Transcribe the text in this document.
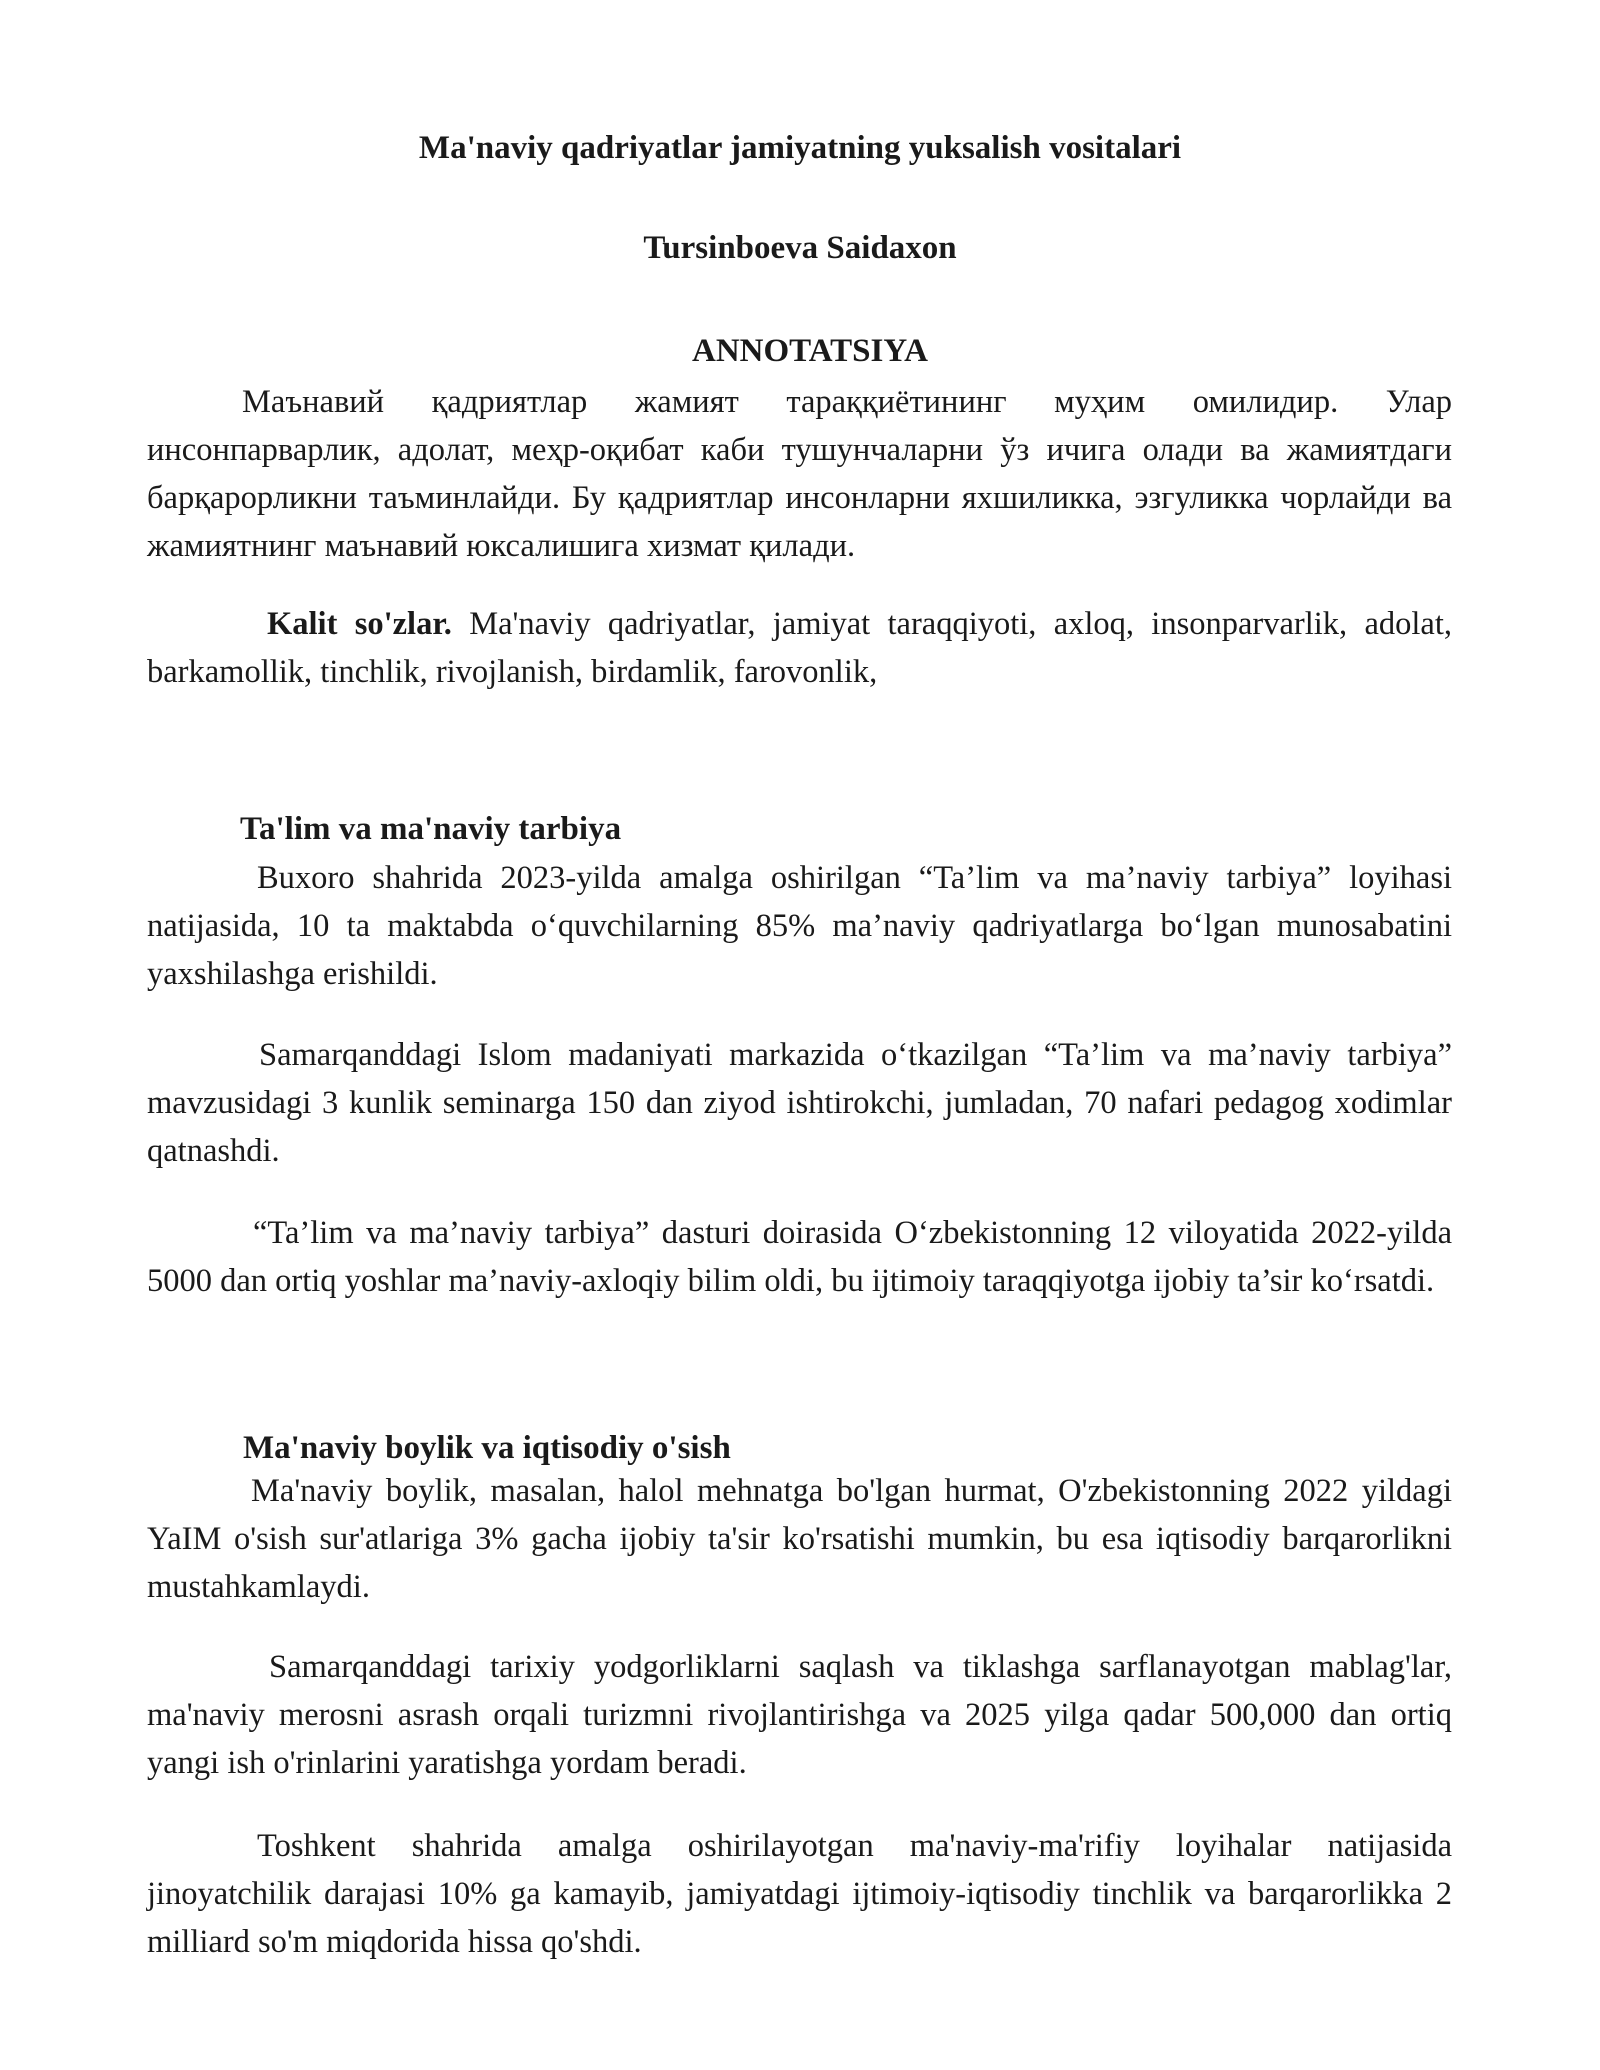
Ma'naviy qadriyatlar jamiyatning yuksalish vositalari
Tursinboeva Saidaxon
ANNOTATSIYA

Маънавий қадриятлар жамият тараққиётининг муҳим омилидир. Улар инсонпарварлик, адолат, меҳр-оқибат каби тушунчаларни ўз ичига олади ва жамиятдаги барқарорликни таъминлайди. Бу қадриятлар инсонларни яхшиликка, эзгуликка чорлайди ва жамиятнинг маънавий юксалишига хизмат қилади.

Kalit so'zlar. Ma'naviy qadriyatlar, jamiyat taraqqiyoti, axloq, insonparvarlik, adolat, barkamollik, tinchlik, rivojlanish, birdamlik, farovonlik,

Ta'lim va ma'naviy tarbiya

Buxoro shahrida 2023-yilda amalga oshirilgan “Ta’lim va ma’naviy tarbiya” loyihasi natijasida, 10 ta maktabda o‘quvchilarning 85% ma’naviy qadriyatlarga bo‘lgan munosabatini yaxshilashga erishildi.

Samarqanddagi Islom madaniyati markazida o‘tkazilgan “Ta’lim va ma’naviy tarbiya” mavzusidagi 3 kunlik seminarga 150 dan ziyod ishtirokchi, jumladan, 70 nafari pedagog xodimlar qatnashdi.

“Ta’lim va ma’naviy tarbiya” dasturi doirasida O‘zbekistonning 12 viloyatida 2022-yilda 5000 dan ortiq yoshlar ma’naviy-axloqiy bilim oldi, bu ijtimoiy taraqqiyotga ijobiy ta’sir ko‘rsatdi.

Ma'naviy boylik va iqtisodiy o'sish

Ma'naviy boylik, masalan, halol mehnatga bo'lgan hurmat, O'zbekistonning 2022 yildagi YaIM o'sish sur'atlariga 3% gacha ijobiy ta'sir ko'rsatishi mumkin, bu esa iqtisodiy barqarorlikni mustahkamlaydi.

Samarqanddagi tarixiy yodgorliklarni saqlash va tiklashga sarflanayotgan mablag'lar, ma'naviy merosni asrash orqali turizmni rivojlantirishga va 2025 yilga qadar 500,000 dan ortiq yangi ish o'rinlarini yaratishga yordam beradi.

Toshkent shahrida amalga oshirilayotgan ma'naviy-ma'rifiy loyihalar natijasida jinoyatchilik darajasi 10% ga kamayib, jamiyatdagi ijtimoiy-iqtisodiy tinchlik va barqarorlikka 2 milliard so'm miqdorida hissa qo'shdi.
